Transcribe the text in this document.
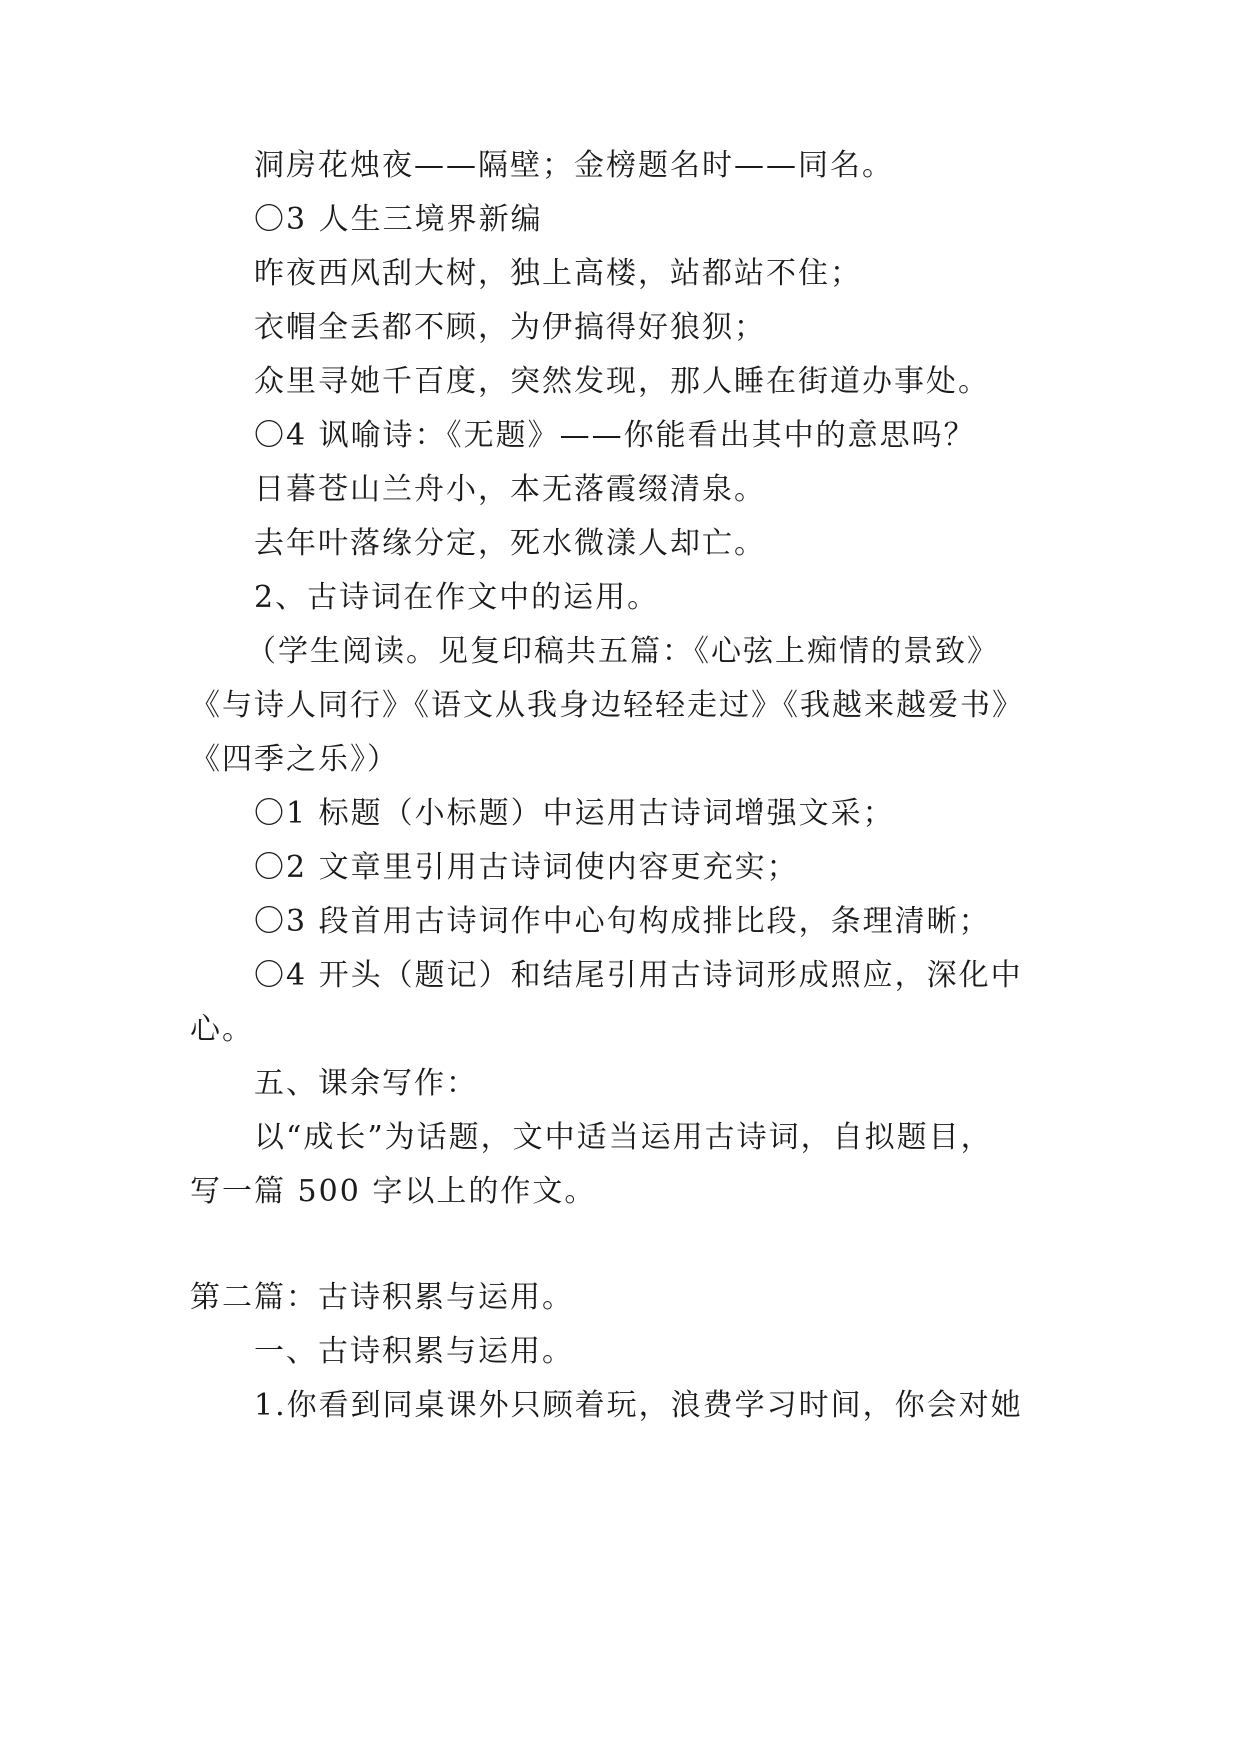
洞房花烛夜——隔壁；金榜题名时——同名。
〇3 人生三境界新编
昨夜西风刮大树，独上高楼，站都站不住；
衣帽全丢都不顾，为伊搞得好狼狈；
众里寻她千百度，突然发现，那人睡在街道办事处。
〇4 讽喻诗：《无题》——你能看出其中的意思吗？
日暮苍山兰舟小，本无落霞缀清泉。
去年叶落缘分定，死水微漾人却亡。
2、古诗词在作文中的运用。
（学生阅读。见复印稿共五篇：《心弦上痴情的景致》
《与诗人同行》《语文从我身边轻轻走过》《我越来越爱书》
《四季之乐》）
〇1 标题（小标题）中运用古诗词增强文采；
〇2 文章里引用古诗词使内容更充实；
〇3 段首用古诗词作中心句构成排比段，条理清晰；
〇4 开头（题记）和结尾引用古诗词形成照应，深化中
心。
五、课余写作：
以“成长”为话题，文中适当运用古诗词，自拟题目，
写一篇 500 字以上的作文。
第二篇：古诗积累与运用。
一、古诗积累与运用。
1.你看到同桌课外只顾着玩，浪费学习时间，你会对她
